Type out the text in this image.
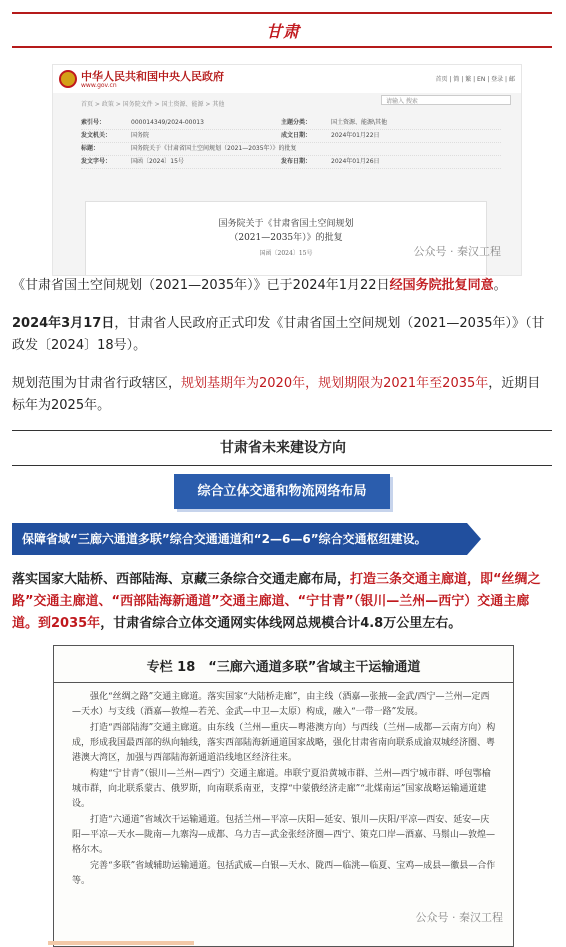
甘肃
中华人民共和国中央人民政府
www.gov.cn
首页 | 简 | 繁 | EN | 登录 | 邮
首页 > 政策 > 国务院文件 > 国土资源、能源 > 其他	请输入 搜索
索引号：	000014349/2024-00013	主题分类：	国土资源、能源\其他
发文机关：	国务院	成文日期：	2024年01月22日
标题：	国务院关于《甘肃省国土空间规划（2021—2035年）》的批复
发文字号：	国函〔2024〕15号	发布日期：	2024年01月26日
国务院关于《甘肃省国土空间规划
（2021—2035年）》的批复
国函〔2024〕15号	公众号 · 秦汉工程
《甘肃省国土空间规划（2021—2035年）》已于2024年1月22日经国务院批复同意。
2024年3月17日，甘肃省人民政府正式印发《甘肃省国土空间规划（2021—2035年）》（甘政发〔2024〕18号）。
规划范围为甘肃省行政辖区，规划基期年为2020年，规划期限为2021年至2035年，近期目标年为2025年。
甘肃省未来建设方向
综合立体交通和物流网络布局
保障省域“三廊六通道多联”综合交通通道和“2—6—6”综合交通枢纽建设。
落实国家大陆桥、西部陆海、京藏三条综合交通走廊布局，打造三条交通主廊道，即“丝绸之路”交通主廊道、“西部陆海新通道”交通主廊道、“宁甘青”（银川—兰州—西宁）交通主廊道。到2035年，甘肃省综合立体交通网实体线网总规模合计4.8万公里左右。
专栏 18　“三廊六通道多联”省域主干运输通道

强化“丝绸之路”交通主廊道。落实国家“大陆桥走廊”，由主线（酒嘉—张掖—金武/西宁—兰州—定西—天水）与支线（酒嘉—敦煌—若羌、金武—中卫—太原）构成，融入“一带一路”发展。

打造“西部陆海”交通主廊道。由东线（兰州—重庆—粤港澳方向）与西线（兰州—成都—云南方向）构成，形成我国最西部的纵向轴线，落实西部陆海新通道国家战略，强化甘肃省南向联系成渝双城经济圈、粤港澳大湾区，加强与西部陆海新通道沿线地区经济往来。

构建“宁甘青”（银川—兰州—西宁）交通主廊道。串联宁夏沿黄城市群、兰州—西宁城市群、呼包鄂榆城市群，向北联系蒙古、俄罗斯，向南联系南亚，支撑“中蒙俄经济走廊”“北煤南运”国家战略运输通道建设。

打造“六通道”省域次干运输通道。包括兰州—平凉—庆阳—延安、银川—庆阳/平凉—西安、延安—庆阳—平凉—天水—陇南—九寨沟—成都、乌力吉—武金张经济圈—西宁、策克口岸—酒嘉、马鬃山—敦煌—格尔木。

完善“多联”省域辅助运输通道。包括武威—白银—天水、陇西—临洮—临夏、宝鸡—成县—徽县—合作等。

公众号 · 秦汉工程
